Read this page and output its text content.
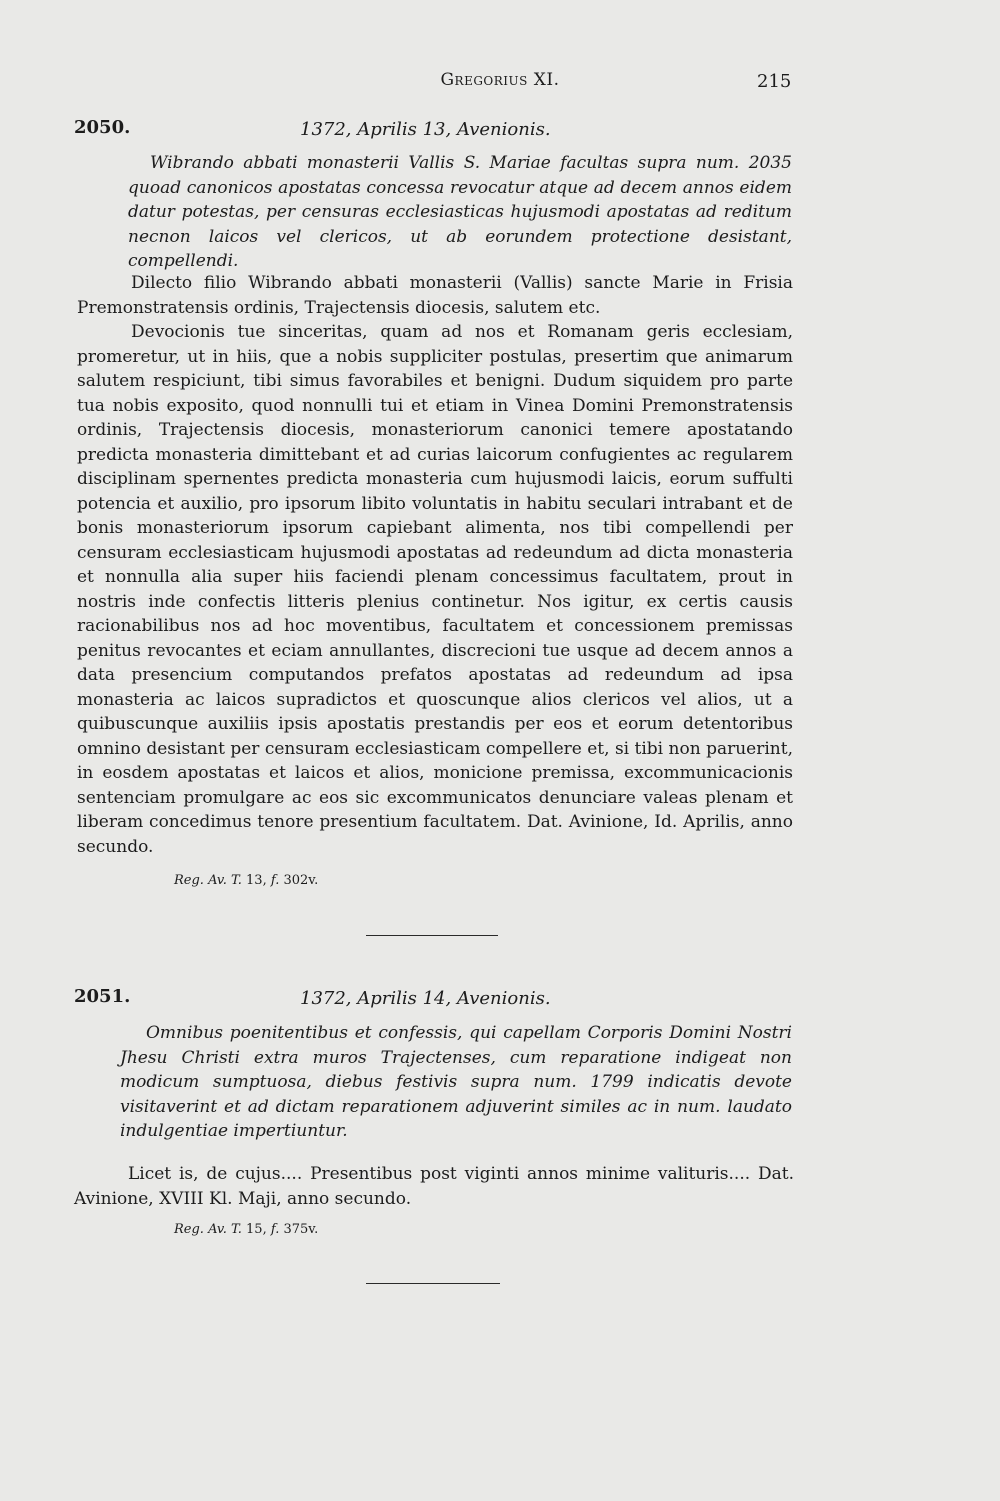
Gregorius XI.	215
2050.	1372, Aprilis 13, Avenionis.
Wibrando abbati monasterii Vallis S. Mariae facultas supra num. 2035 quoad canonicos apostatas concessa revocatur atque ad decem annos eidem datur potestas, per censuras ecclesiasticas hujusmodi apostatas ad reditum necnon laicos vel clericos, ut ab eorundem protectione desistant, compellendi.

Dilecto filio Wibrando abbati monasterii (Vallis) sancte Marie in Frisia Premonstratensis ordinis, Trajectensis diocesis, salutem etc.

Devocionis tue sinceritas, quam ad nos et Romanam geris ecclesiam, promeretur, ut in hiis, que a nobis suppliciter postulas, presertim que animarum salutem respiciunt, tibi simus favorabiles et benigni. Dudum siquidem pro parte tua nobis exposito, quod nonnulli tui et etiam in Vinea Domini Premonstratensis ordinis, Trajectensis diocesis, monasteriorum canonici temere apostatando predicta monasteria dimittebant et ad curias laicorum confugientes ac regularem disciplinam spernentes predicta monasteria cum hujusmodi laicis, eorum suffulti potencia et auxilio, pro ipsorum libito voluntatis in habitu seculari intrabant et de bonis monasteriorum ipsorum capiebant alimenta, nos tibi compellendi per censuram ecclesiasticam hujusmodi apostatas ad redeundum ad dicta monasteria et nonnulla alia super hiis faciendi plenam concessimus facultatem, prout in nostris inde confectis litteris plenius continetur. Nos igitur, ex certis causis racionabilibus nos ad hoc moventibus, facultatem et concessionem premissas penitus revocantes et eciam annullantes, discrecioni tue usque ad decem annos a data presencium computandos prefatos apostatas ad redeundum ad ipsa monasteria ac laicos supradictos et quoscunque alios clericos vel alios, ut a quibuscunque auxiliis ipsis apostatis prestandis per eos et eorum detentoribus omnino desistant per censuram ecclesiasticam compellere et, si tibi non paruerint, in eosdem apostatas et laicos et alios, monicione premissa, excommunicacionis sentenciam promulgare ac eos sic excommunicatos denunciare valeas plenam et liberam concedimus tenore presentium facultatem. Dat. Avinione, Id. Aprilis, anno secundo.

Reg. Av. T. 13, f. 302v.
2051.	1372, Aprilis 14, Avenionis.
Omnibus poenitentibus et confessis, qui capellam Corporis Domini Nostri Jhesu Christi extra muros Trajectenses, cum reparatione indigeat non modicum sumptuosa, diebus festivis supra num. 1799 indicatis devote visitaverint et ad dictam reparationem adjuverint similes ac in num. laudato indulgentiae impertiuntur.

Licet is, de cujus.... Presentibus post viginti annos minime valituris.... Dat. Avinione, XVIII Kl. Maji, anno secundo.

Reg. Av. T. 15, f. 375v.
